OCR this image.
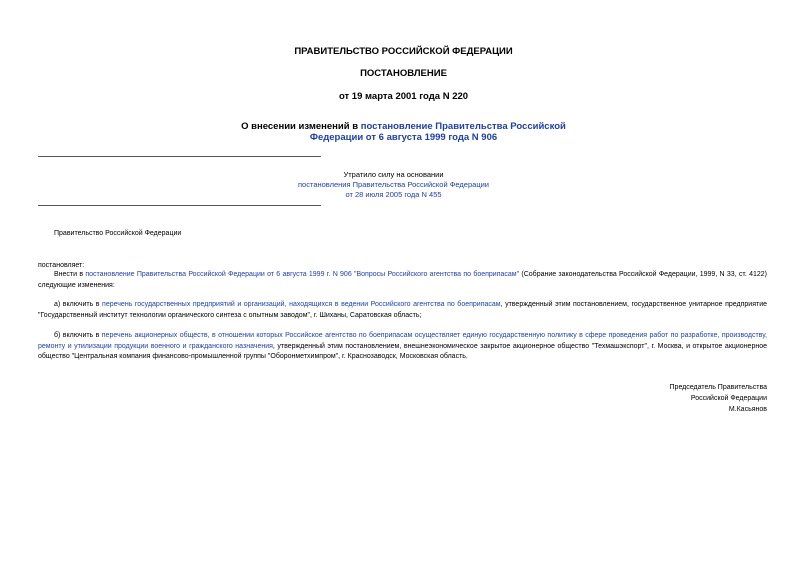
ПРАВИТЕЛЬСТВО РОССИЙСКОЙ ФЕДЕРАЦИИ
ПОСТАНОВЛЕНИЕ
от 19 марта 2001 года N 220
О внесении изменений в постановление Правительства Российской
Федерации от 6 августа 1999 года N 906
Утратило силу на основании
постановления Правительства Российской Федерации
от 28 июля 2005 года N 455
Правительство Российской Федерации
постановляет:
Внести в постановление Правительства Российской Федерации от 6 августа 1999 г. N 906 "Вопросы Российского агентства по боеприпасам" (Собрание законодательства Российской Федерации, 1999, N 33, ст. 4122) следующие изменения:
а) включить в перечень государственных предприятий и организаций, находящихся в ведении Российского агентства по боеприпасам, утвержденный этим постановлением, государственное унитарное предприятие "Государственный институт технологии органического синтеза с опытным заводом", г. Шиханы, Саратовская область;
б) включить в перечень акционерных обществ, в отношении которых Российское агентство по боеприпасам осуществляет единую государственную политику в сфере проведения работ по разработке, производству, ремонту и утилизации продукции военного и гражданского назначения, утвержденный этим постановлением, внешнеэкономическое закрытое акционерное общество "Техмашэкспорт", г. Москва, и открытое акционерное общество "Центральная компания финансово-промышленной группы "Оборонметхимпром", г. Краснозаводск, Московская область.
Председатель Правительства
Российской Федерации
М.Касьянов
